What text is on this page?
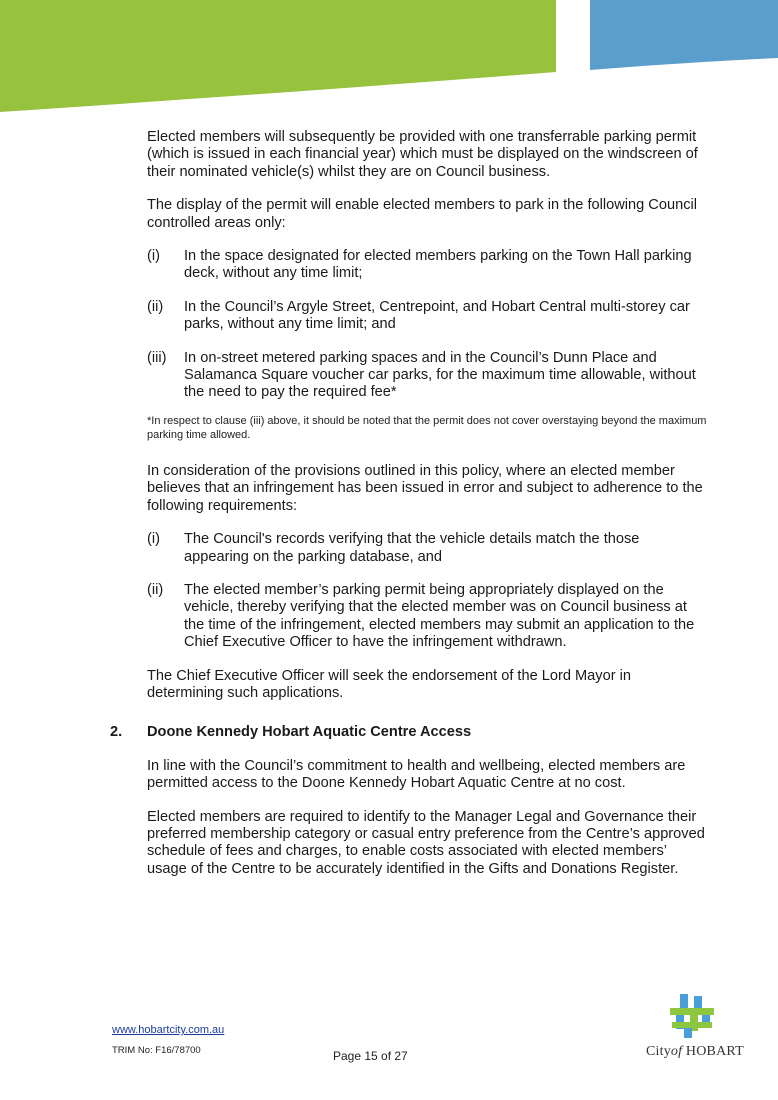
Elected members will subsequently be provided with one transferrable parking permit (which is issued in each financial year) which must be displayed on the windscreen of their nominated vehicle(s) whilst they are on Council business.

The display of the permit will enable elected members to park in the following Council controlled areas only:

(i)	In the space designated for elected members parking on the Town Hall parking deck, without any time limit;
(ii)	In the Council’s Argyle Street, Centrepoint, and Hobart Central multi-storey car parks, without any time limit; and
(iii)	In on-street metered parking spaces and in the Council’s Dunn Place and Salamanca Square voucher car parks, for the maximum time allowable, without the need to pay the required fee*
*In respect to clause (iii) above, it should be noted that the permit does not cover overstaying beyond the maximum parking time allowed.

In consideration of the provisions outlined in this policy, where an elected member believes that an infringement has been issued in error and subject to adherence to the following requirements:

(i)	The Council's records verifying that the vehicle details match the those appearing on the parking database, and
(ii)	The elected member’s parking permit being appropriately displayed on the vehicle, thereby verifying that the elected member was on Council business at the time of the infringement, elected members may submit an application to the Chief Executive Officer to have the infringement withdrawn.

The Chief Executive Officer will seek the endorsement of the Lord Mayor in determining such applications.

2. Doone Kennedy Hobart Aquatic Centre Access

In line with the Council’s commitment to health and wellbeing, elected members are permitted access to the Doone Kennedy Hobart Aquatic Centre at no cost.

Elected members are required to identify to the Manager Legal and Governance their preferred membership category or casual entry preference from the Centre’s approved schedule of fees and charges, to enable costs associated with elected members’ usage of the Centre to be accurately identified in the Gifts and Donations Register.

www.hobartcity.com.au
TRIM No: F16/78700	Page 15 of 27	Cityof HOBART
